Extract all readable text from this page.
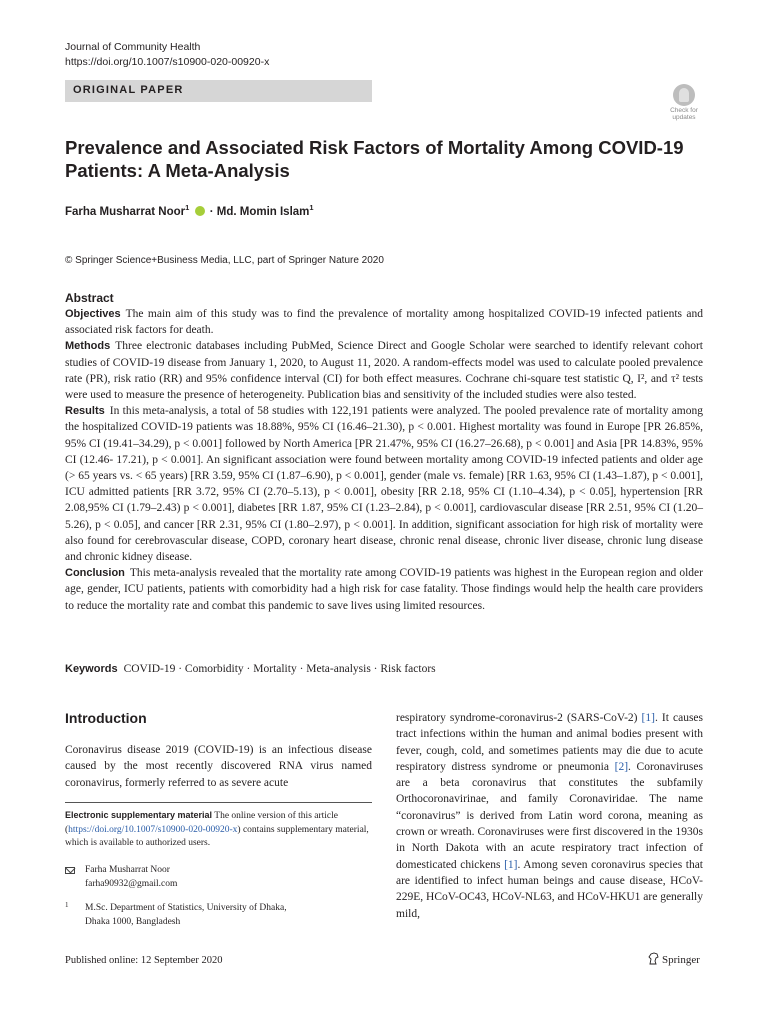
Journal of Community Health
https://doi.org/10.1007/s10900-020-00920-x
ORIGINAL PAPER
Check for
updates
Prevalence and Associated Risk Factors of Mortality Among COVID-19 Patients: A Meta-Analysis
Farha Musharrat Noor$^1$  · Md. Momin Islam$^1$
© Springer Science+Business Media, LLC, part of Springer Nature 2020
Abstract

Objectives The main aim of this study was to find the prevalence of mortality among hospitalized COVID-19 infected patients and associated risk factors for death.

Methods Three electronic databases including PubMed, Science Direct and Google Scholar were searched to identify relevant cohort studies of COVID-19 disease from January 1, 2020, to August 11, 2020. A random-effects model was used to calculate pooled prevalence rate (PR), risk ratio (RR) and 95% confidence interval (CI) for both effect measures. Cochrane chi-square test statistic Q, I², and τ² tests were used to measure the presence of heterogeneity. Publication bias and sensitivity of the included studies were also tested.

Results In this meta-analysis, a total of 58 studies with 122,191 patients were analyzed. The pooled prevalence rate of mortality among the hospitalized COVID-19 patients was 18.88%, 95% CI (16.46–21.30), p < 0.001. Highest mortality was found in Europe [PR 26.85%, 95% CI (19.41–34.29), p < 0.001] followed by North America [PR 21.47%, 95% CI (16.27–26.68), p < 0.001] and Asia [PR 14.83%, 95% CI (12.46- 17.21), p < 0.001]. An significant association were found between mortality among COVID-19 infected patients and older age (> 65 years vs. < 65 years) [RR 3.59, 95% CI (1.87–6.90), p < 0.001], gender (male vs. female) [RR 1.63, 95% CI (1.43–1.87), p < 0.001], ICU admitted patients [RR 3.72, 95% CI (2.70–5.13), p < 0.001], obesity [RR 2.18, 95% CI (1.10–4.34), p < 0.05], hypertension [RR 2.08,95% CI (1.79–2.43) p < 0.001], diabetes [RR 1.87, 95% CI (1.23–2.84), p < 0.001], cardiovascular disease [RR 2.51, 95% CI (1.20–5.26), p < 0.05], and cancer [RR 2.31, 95% CI (1.80–2.97), p < 0.001]. In addition, significant association for high risk of mortality were also found for cerebrovascular disease, COPD, coronary heart disease, chronic renal disease, chronic liver disease, chronic lung disease and chronic kidney disease.

Conclusion This meta-analysis revealed that the mortality rate among COVID-19 patients was highest in the European region and older age, gender, ICU patients, patients with comorbidity had a high risk for case fatality. Those findings would help the health care providers to reduce the mortality rate and combat this pandemic to save lives using limited resources.

Keywords COVID-19 · Comorbidity · Mortality · Meta-analysis · Risk factors
Introduction
Coronavirus disease 2019 (COVID-19) is an infectious disease caused by the most recently discovered RNA virus named coronavirus, formerly referred to as severe acute
respiratory syndrome-coronavirus-2 (SARS-CoV-2) [1]. It causes tract infections within the human and animal bodies present with fever, cough, cold, and sometimes patients may die due to acute respiratory distress syndrome or pneumonia [2]. Coronaviruses are a beta coronavirus that constitutes the subfamily Orthocoronavirinae, and family Coronaviridae. The name “coronavirus” is derived from Latin word corona, meaning as crown or wreath. Coronaviruses were first discovered in the 1930s in North Dakota with an acute respiratory tract infection of domesticated chickens [1]. Among seven coronavirus species that are identified to infect human beings and cause disease, HCoV-229E, HCoV-OC43, HCoV-NL63, and HCoV-HKU1 are generally mild,
Electronic supplementary material The online version of this article (https://doi.org/10.1007/s10900-020-00920-x) contains supplementary material, which is available to authorized users.
Farha Musharrat Noor
farha90932@gmail.com
1 M.Sc. Department of Statistics, University of Dhaka,
Dhaka 1000, Bangladesh
Published online: 12 September 2020	Springer
